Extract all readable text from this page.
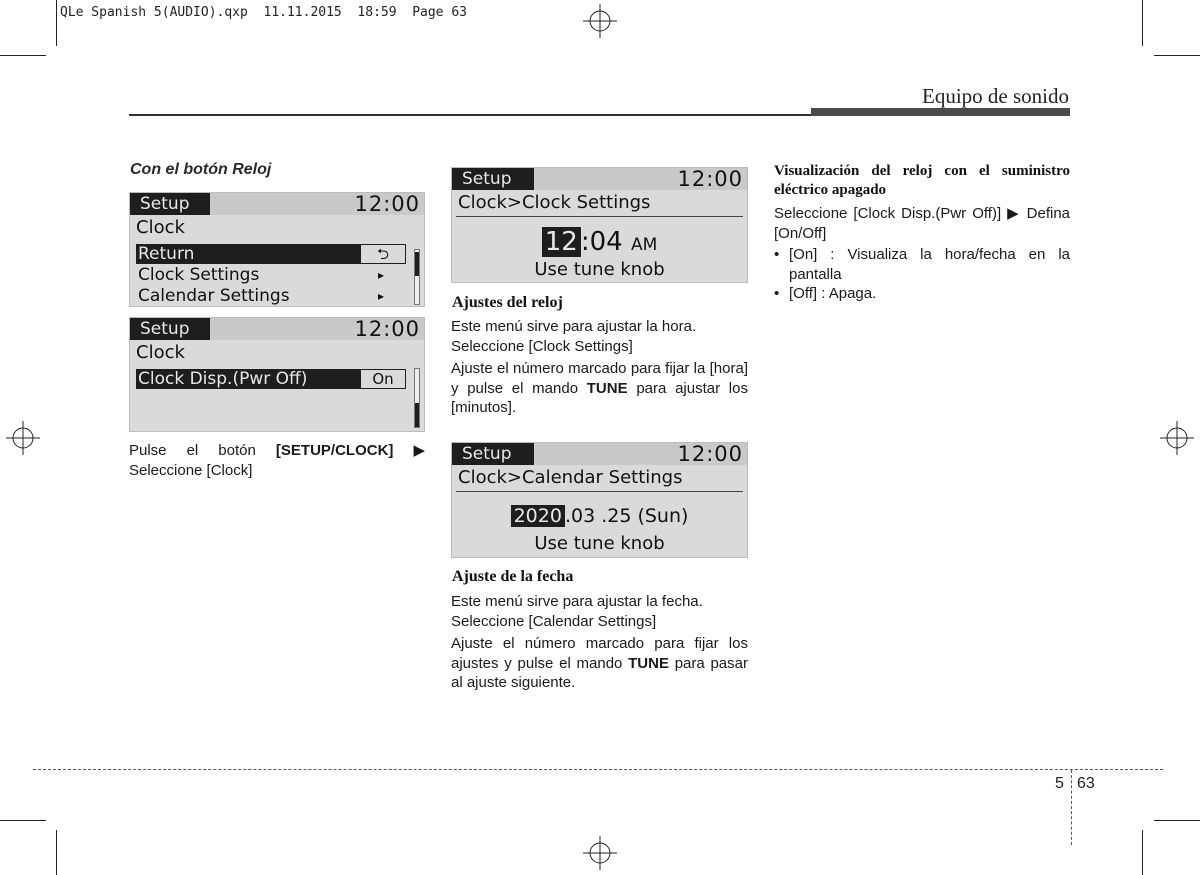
QLe Spanish 5(AUDIO).qxp  11.11.2015  18:59  Page 63
Equipo de sonido
Con el botón Reloj
Setup	12:00
Clock
Return	⮌
Clock Settings	▸
Calendar Settings	▸
Setup	12:00
Clock
Clock Disp.(Pwr Off)	On
Pulse el botón [SETUP/CLOCK] ▶ Seleccione [Clock]
Setup	12:00
Clock>Clock Settings
12 :04 AM
Use tune knob
Ajustes del reloj
Este menú sirve para ajustar la hora.
Seleccione [Clock Settings]
Ajuste el número marcado para fijar la [hora] y pulse el mando TUNE para ajustar los [minutos].
Setup	12:00
Clock>Calendar Settings
2020 .03 .25 (Sun)
Use tune knob
Ajuste de la fecha
Este menú sirve para ajustar la fecha.
Seleccione [Calendar Settings]
Ajuste el número marcado para fijar los ajustes y pulse el mando TUNE para pasar al ajuste siguiente.
Visualización del reloj con el suministro eléctrico apagado
Seleccione [Clock Disp.(Pwr Off)] ▶ Defina [On/Off]
• [On] : Visualiza la hora/fecha en la pantalla
• [Off] : Apaga.
5 63
